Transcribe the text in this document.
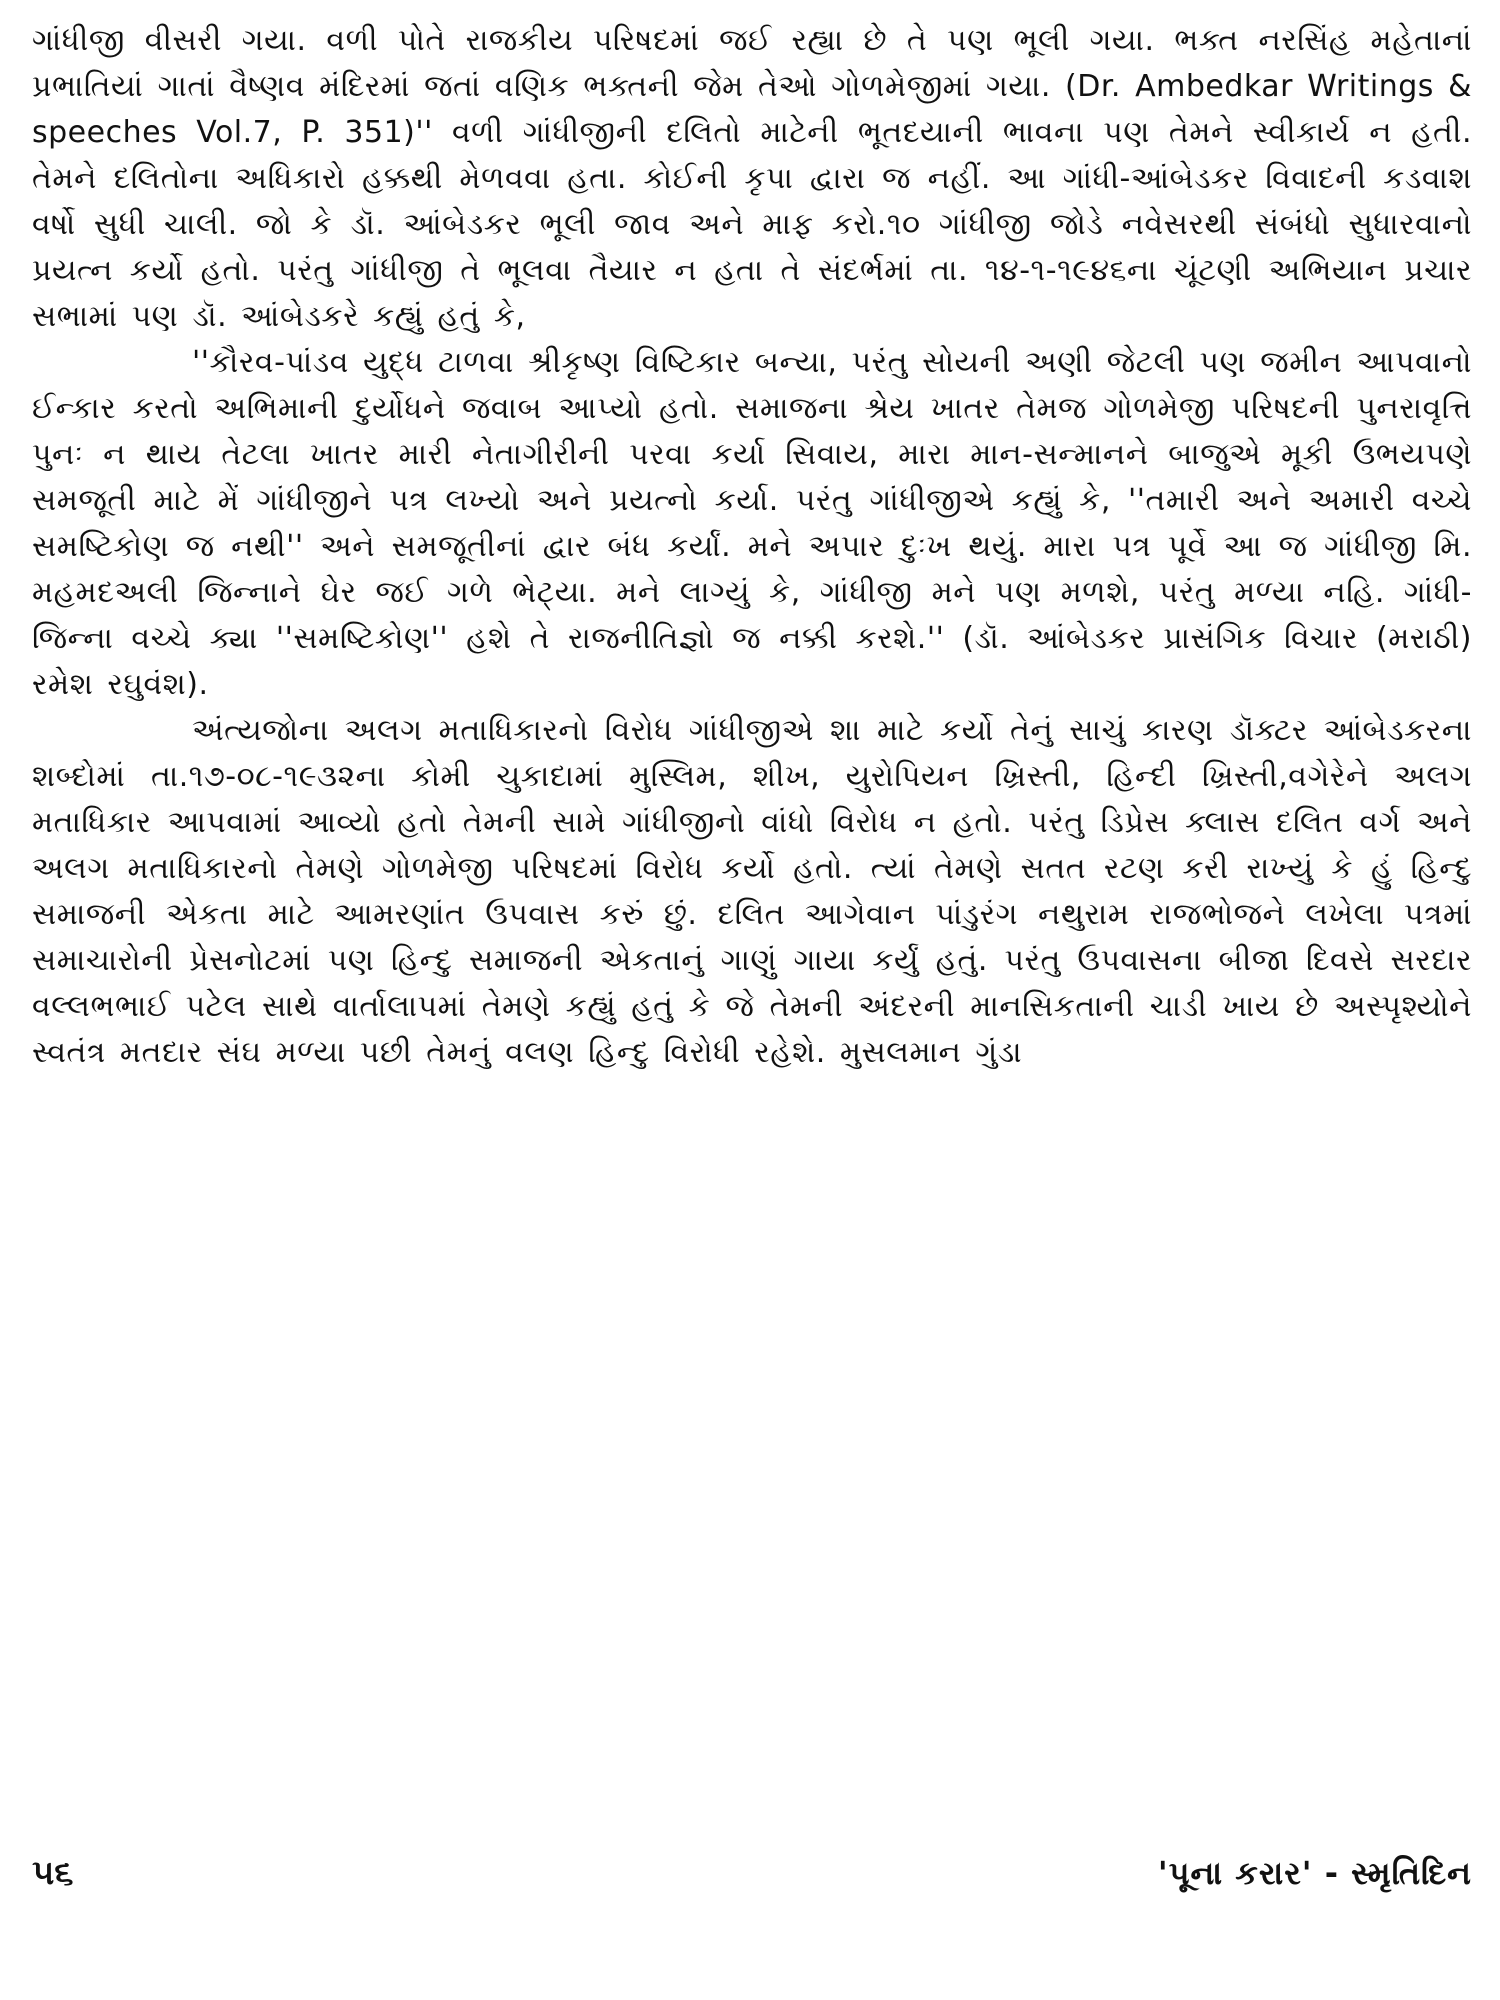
ગાંધીજી વીસરી ગયા. વળી પોતે રાજકીય પરિષદમાં જઈ રહ્યા છે તે પણ ભૂલી ગયા. ભક્ત નરસિંહ મહેતાનાં પ્રભાતિયાં ગાતાં વૈષ્ણવ મંદિરમાં જતાં વણિક ભક્તની જેમ તેઓ ગોળમેજીમાં ગયા. (Dr. Ambedkar Writings & speeches Vol.7, P. 351)'' વળી ગાંધીજીની દલિતો માટેની ભૂતદયાની ભાવના પણ તેમને સ્વીકાર્ય ન હતી. તેમને દલિતોના અધિકારો હક્કથી મેળવવા હતા. કોઈની કૃપા દ્વારા જ નહીં. આ ગાંધી-આંબેડકર વિવાદની કડવાશ વર્ષો સુધી ચાલી. જો કે ડૉ. આંબેડકર ભૂલી જાવ અને માફ કરો.૧૦ ગાંધીજી જોડે નવેસરથી સંબંધો સુધારવાનો પ્રયત્ન કર્યો હતો. પરંતુ ગાંધીજી તે ભૂલવા તૈયાર ન હતા તે સંદર્ભમાં તા. ૧૪-૧-૧૯૪૬ના ચૂંટણી અભિયાન પ્રચાર સભામાં પણ ડૉ. આંબેડકરે કહ્યું હતું કે,

''કૌરવ-પાંડવ યુદ્ધ ટાળવા શ્રીકૃષ્ણ વિષ્ટિકાર બન્યા, પરંતુ સોયની અણી જેટલી પણ જમીન આપવાનો ઈન્કાર કરતો અભિમાની દુર્યોધને જવાબ આપ્યો હતો. સમાજના શ્રેય ખાતર તેમજ ગોળમેજી પરિષદની પુનરાવૃત્તિ પુનઃ ન થાય તેટલા ખાતર મારી નેતાગીરીની પરવા કર્યા સિવાય, મારા માન-સન્માનને બાજુએ મૂકી ઉભયપણે સમજૂતી માટે મેં ગાંધીજીને પત્ર લખ્યો અને પ્રયત્નો કર્યા. પરંતુ ગાંધીજીએ કહ્યું કે, ''તમારી અને અમારી વચ્ચે સમષ્ટિકોણ જ નથી'' અને સમજૂતીનાં દ્વાર બંધ કર્યાં. મને અપાર દુઃખ થયું. મારા પત્ર પૂર્વે આ જ ગાંધીજી મિ. મહમદઅલી જિન્નાને ઘેર જઈ ગળે ભેટ્યા. મને લાગ્યું કે, ગાંધીજી મને પણ મળશે, પરંતુ મળ્યા નહિ. ગાંધી-જિન્ના વચ્ચે ક્યા ''સમષ્ટિકોણ'' હશે તે રાજનીતિજ્ઞો જ નક્કી કરશે.'' (ડૉ. આંબેડકર પ્રાસંગિક વિચાર (મરાઠી) રમેશ રઘુવંશ).

અંત્યજોના અલગ મતાધિકારનો વિરોધ ગાંધીજીએ શા માટે કર્યો તેનું સાચું કારણ ડૉક્ટર આંબેડકરના શબ્દોમાં તા.૧૭-૦૮-૧૯૩૨ના કોમી ચુકાદામાં મુસ્લિમ, શીખ, યુરોપિયન ખ્રિસ્તી, હિન્દી ખ્રિસ્તી,વગેરેને અલગ મતાધિકાર આપવામાં આવ્યો હતો તેમની સામે ગાંધીજીનો વાંધો વિરોધ ન હતો. પરંતુ ડિપ્રેસ ક્લાસ દલિત વર્ગ અને અલગ મતાધિકારનો તેમણે ગોળમેજી પરિષદમાં વિરોધ કર્યો હતો. ત્યાં તેમણે સતત રટણ કરી રાખ્યું કે હું હિન્દુ સમાજની એકતા માટે આમરણાંત ઉપવાસ કરું છું. દલિત આગેવાન પાંડુરંગ નથુરામ રાજભોજને લખેલા પત્રમાં સમાચારોની પ્રેસનોટમાં પણ હિન્દુ સમાજની એકતાનું ગાણું ગાયા કર્યું હતું. પરંતુ ઉપવાસના બીજા દિવસે સરદાર વલ્લભભાઈ પટેલ સાથે વાર્તાલાપમાં તેમણે કહ્યું હતું કે જે તેમની અંદરની માનસિકતાની ચાડી ખાય છે અસ્પૃશ્યોને સ્વતંત્ર મતદાર સંઘ મળ્યા પછી તેમનું વલણ હિન્દુ વિરોધી રહેશે. મુસલમાન ગુંડા

૫૬	'પૂના કરાર' - સ્મૃતિદિન
